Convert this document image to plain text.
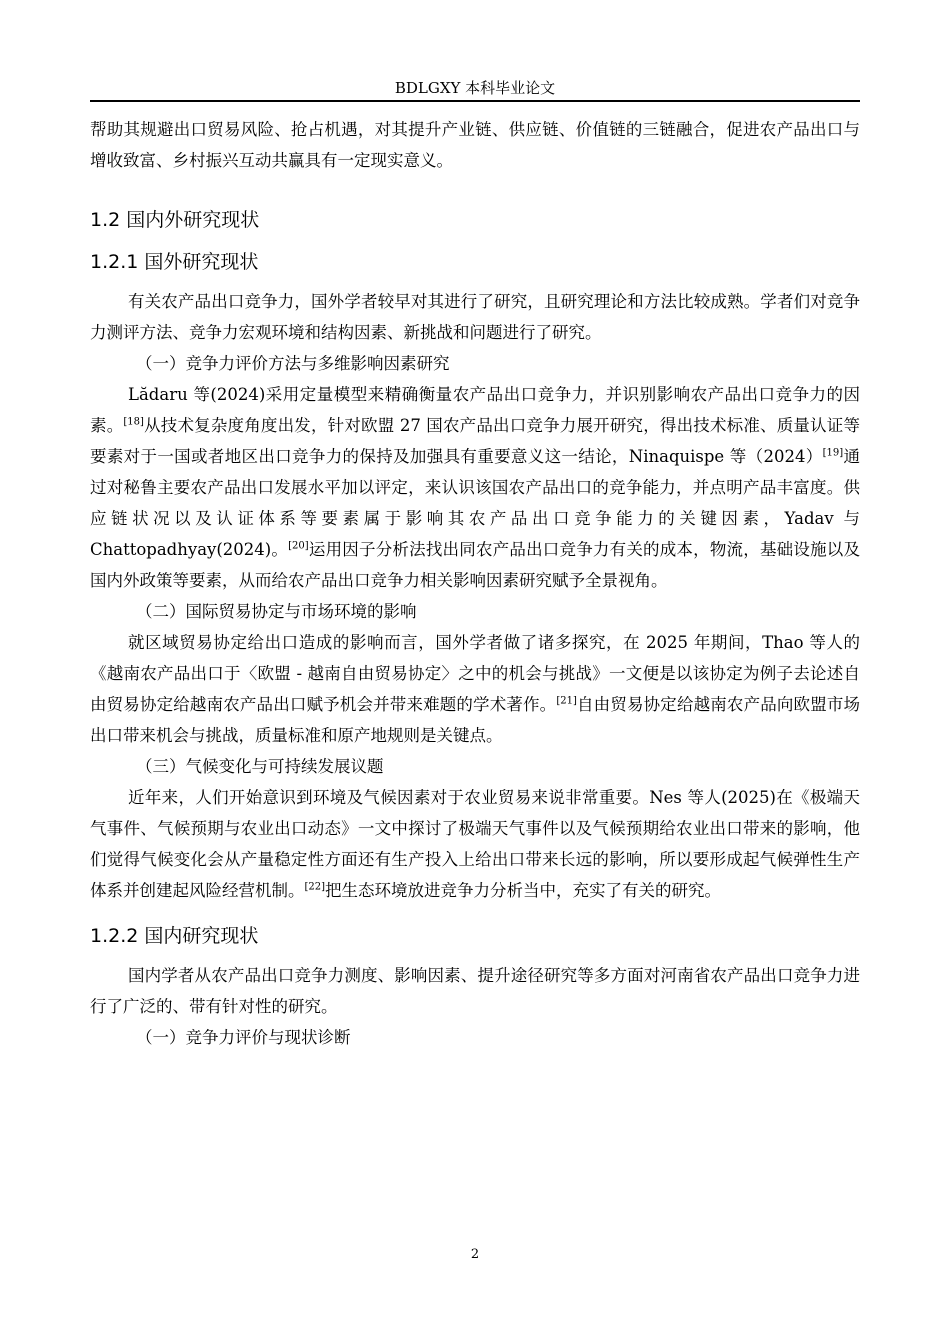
BDLGXY 本科毕业论文

帮助其规避出口贸易风险、抢占机遇，对其提升产业链、供应链、价值链的三链融合，促进农产品出口与增收致富、乡村振兴互动共赢具有一定现实意义。

1.2 国内外研究现状
1.2.1 国外研究现状

有关农产品出口竞争力，国外学者较早对其进行了研究，且研究理论和方法比较成熟。学者们对竞争力测评方法、竞争力宏观环境和结构因素、新挑战和问题进行了研究。

（一）竞争力评价方法与多维影响因素研究

Lădaru 等(2024)采用定量模型来精确衡量农产品出口竞争力，并识别影响农产品出口竞争力的因素。[18]从技术复杂度角度出发，针对欧盟 27 国农产品出口竞争力展开研究，得出技术标准、质量认证等要素对于一国或者地区出口竞争力的保持及加强具有重要意义这一结论，Ninaquispe 等（2024）[19]通过对秘鲁主要农产品出口发展水平加以评定，来认识该国农产品出口的竞争能力，并点明产品丰富度。供应链状况以及认证体系等要素属于影响其农产品出口竞争能力的关键因素，Yadav 与 Chattopadhyay(2024)。[20]运用因子分析法找出同农产品出口竞争力有关的成本，物流，基础设施以及国内外政策等要素，从而给农产品出口竞争力相关影响因素研究赋予全景视角。

（二）国际贸易协定与市场环境的影响

就区域贸易协定给出口造成的影响而言，国外学者做了诸多探究，在 2025 年期间，Thao 等人的《越南农产品出口于〈欧盟 - 越南自由贸易协定〉之中的机会与挑战》一文便是以该协定为例子去论述自由贸易协定给越南农产品出口赋予机会并带来难题的学术著作。[21]自由贸易协定给越南农产品向欧盟市场出口带来机会与挑战，质量标准和原产地规则是关键点。

（三）气候变化与可持续发展议题

近年来，人们开始意识到环境及气候因素对于农业贸易来说非常重要。Nes 等人(2025)在《极端天气事件、气候预期与农业出口动态》一文中探讨了极端天气事件以及气候预期给农业出口带来的影响，他们觉得气候变化会从产量稳定性方面还有生产投入上给出口带来长远的影响，所以要形成起气候弹性生产体系并创建起风险经营机制。[22]把生态环境放进竞争力分析当中，充实了有关的研究。

1.2.2 国内研究现状

国内学者从农产品出口竞争力测度、影响因素、提升途径研究等多方面对河南省农产品出口竞争力进行了广泛的、带有针对性的研究。

（一）竞争力评价与现状诊断

2
